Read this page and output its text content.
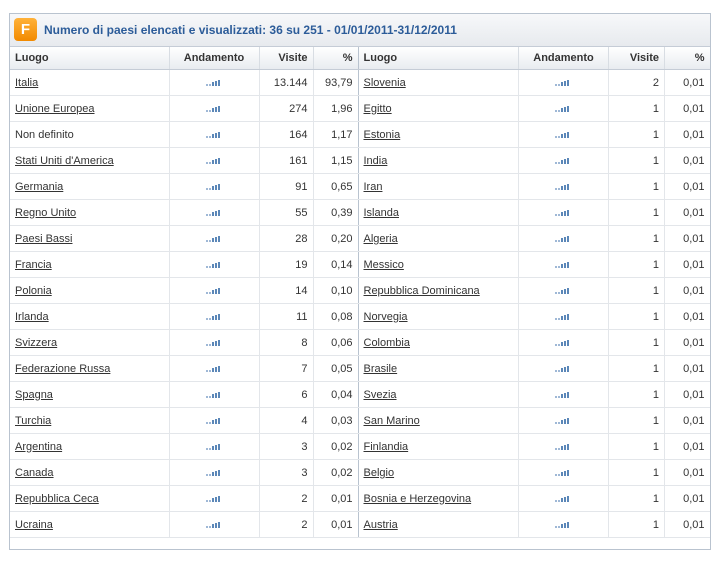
F	Numero di paesi elencati e visualizzati: 36 su 251 - 01/01/2011-31/12/2011
Luogo	Andamento	Visite	%
Italia		13.144	93,79
Unione Europea		274	1,96
Non definito		164	1,17
Stati Uniti d'America		161	1,15
Germania		91	0,65
Regno Unito		55	0,39
Paesi Bassi		28	0,20
Francia		19	0,14
Polonia		14	0,10
Irlanda		11	0,08
Svizzera		8	0,06
Federazione Russa		7	0,05
Spagna		6	0,04
Turchia		4	0,03
Argentina		3	0,02
Canada		3	0,02
Repubblica Ceca		2	0,01
Ucraina		2	0,01
Luogo	Andamento	Visite	%
Slovenia		2	0,01
Egitto		1	0,01
Estonia		1	0,01
India		1	0,01
Iran		1	0,01
Islanda		1	0,01
Algeria		1	0,01
Messico		1	0,01
Repubblica Dominicana		1	0,01
Norvegia		1	0,01
Colombia		1	0,01
Brasile		1	0,01
Svezia		1	0,01
San Marino		1	0,01
Finlandia		1	0,01
Belgio		1	0,01
Bosnia e Herzegovina		1	0,01
Austria		1	0,01
